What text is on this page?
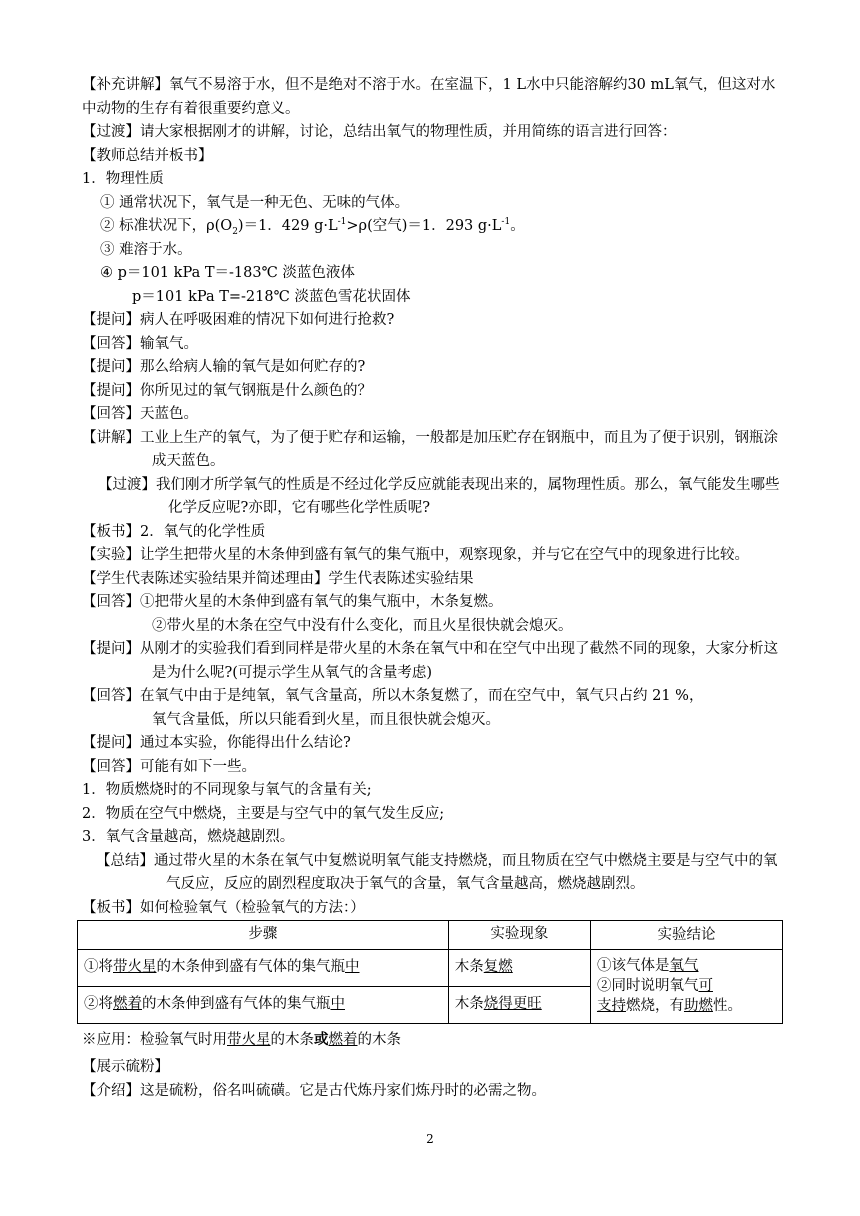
【补充讲解】氧气不易溶于水，但不是绝对不溶于水。在室温下，1 L水中只能溶解约30 mL氧气，但这对水中动物的生存有着很重要约意义。

【过渡】请大家根据刚才的讲解，讨论，总结出氧气的物理性质，并用简练的语言进行回答：

【教师总结并板书】

1．物理性质

① 通常状况下，氧气是一种无色、无味的气体。

② 标准状况下，$\rho(O_2)=1$．429 $g\cdot L^{-1}>\rho$(空气)＝1．293 $g\cdot L^{-1}$。

③ 难溶于水。

④ p＝101 kPa T＝-183℃ 淡蓝色液体

p＝101 kPa T=-218℃ 淡蓝色雪花状固体

【提问】病人在呼吸困难的情况下如何进行抢救?

【回答】输氧气。

【提问】那么给病人输的氧气是如何贮存的?

【提问】你所见过的氧气钢瓶是什么颜色的？

【回答】天蓝色。

【讲解】工业上生产的氧气，为了便于贮存和运输，一般都是加压贮存在钢瓶中，而且为了便于识别，钢瓶涂成天蓝色。

【过渡】我们刚才所学氧气的性质是不经过化学反应就能表现出来的，属物理性质。那么，氧气能发生哪些化学反应呢?亦即，它有哪些化学性质呢?

【板书】2．氧气的化学性质

【实验】让学生把带火星的木条伸到盛有氧气的集气瓶中，观察现象，并与它在空气中的现象进行比较。

【学生代表陈述实验结果并简述理由】学生代表陈述实验结果

【回答】①把带火星的木条伸到盛有氧气的集气瓶中，木条复燃。

②带火星的木条在空气中没有什么变化，而且火星很快就会熄灭。

【提问】从刚才的实验我们看到同样是带火星的木条在氧气中和在空气中出现了截然不同的现象，大家分析这是为什么呢?(可提示学生从氧气的含量考虑)

【回答】在氧气中由于是纯氧，氧气含量高，所以木条复燃了，而在空气中，氧气只占约 21 %，

氧气含量低，所以只能看到火星，而且很快就会熄灭。

【提问】通过本实验，你能得出什么结论?

【回答】可能有如下一些。

1．物质燃烧时的不同现象与氧气的含量有关;

2．物质在空气中燃烧，主要是与空气中的氧气发生反应;

3．氧气含量越高，燃烧越剧烈。

【总结】通过带火星的木条在氧气中复燃说明氧气能支持燃烧，而且物质在空气中燃烧主要是与空气中的氧气反应，反应的剧烈程度取决于氧气的含量，氧气含量越高，燃烧越剧烈。

【板书】如何检验氧气（检验氧气的方法：）

步骤	实验现象	实验结论
①将带火星的木条伸到盛有气体的集气瓶中	木条复燃	①该气体是氧气
②同时说明氧气可
支持燃烧，有助燃性。
②将燃着的木条伸到盛有气体的集气瓶中	木条烧得更旺	

※应用：检验氧气时用带火星的木条或燃着的木条

【展示硫粉】

【介绍】这是硫粉，俗名叫硫磺。它是古代炼丹家们炼丹时的必需之物。

2
